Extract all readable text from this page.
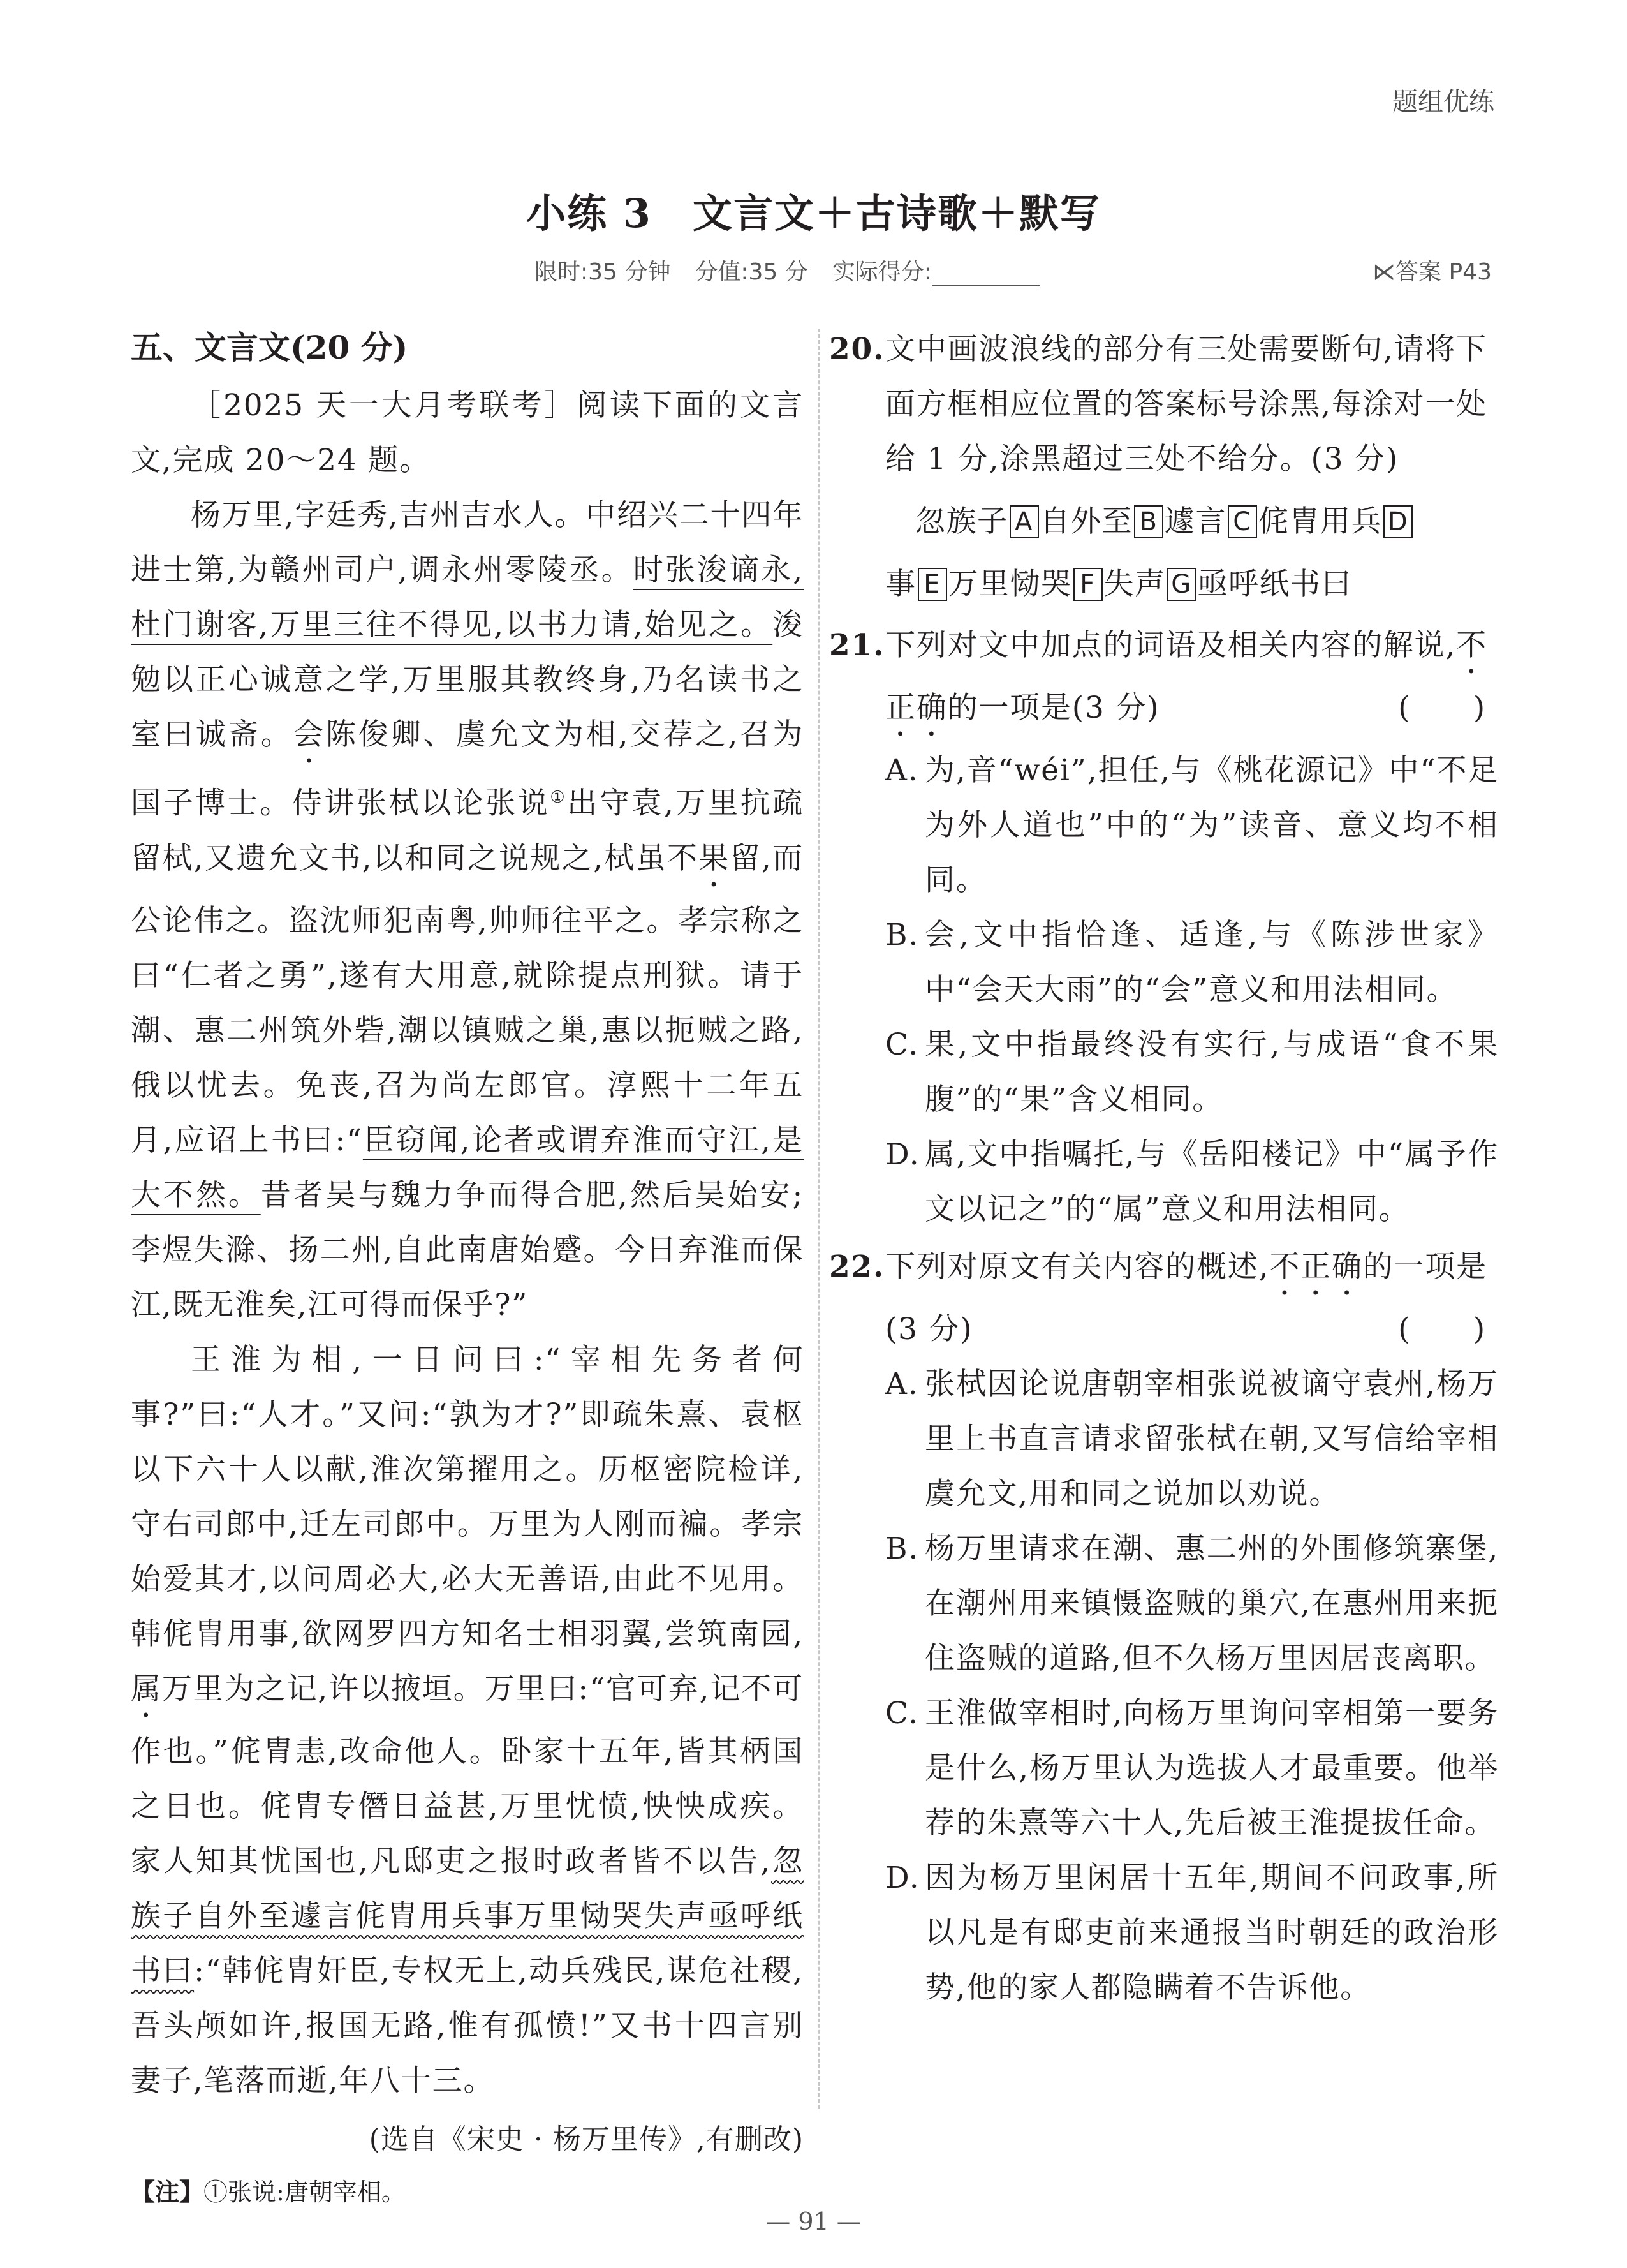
题组优练
小练 3　文言文＋古诗歌＋默写
限时:35 分钟 分值:35 分 实际得分:	⋉答案 P43
五、文言文(20 分)

［2025 天一大月考联考］阅读下面的文言文,完成 20～24 题。

杨万里,字廷秀,吉州吉水人。中绍兴二十四年进士第,为赣州司户,调永州零陵丞。时张浚谪永,杜门谢客,万里三往不得见,以书力请,始见之。浚勉以正心诚意之学,万里服其教终身,乃名读书之室曰诚斋。会陈俊卿、虞允文为相,交荐之,召为国子博士。侍讲张栻以论张说①出守袁,万里抗疏留栻,又遗允文书,以和同之说规之,栻虽不果留,而公论伟之。盗沈师犯南粤,帅师往平之。孝宗称之曰“仁者之勇”,遂有大用意,就除提点刑狱。请于潮、惠二州筑外砦,潮以镇贼之巢,惠以扼贼之路,俄以忧去。免丧,召为尚左郎官。淳熙十二年五月,应诏上书曰:“臣窃闻,论者或谓弃淮而守江,是大不然。昔者吴与魏力争而得合肥,然后吴始安;李煜失滁、扬二州,自此南唐始蹙。今日弃淮而保江,既无淮矣,江可得而保乎?”

王淮为相,一日问曰:“宰相先务者何事?”曰:“人才。”又问:“孰为才?”即疏朱熹、袁枢以下六十人以献,淮次第擢用之。历枢密院检详,守右司郎中,迁左司郎中。万里为人刚而褊。孝宗始爱其才,以问周必大,必大无善语,由此不见用。韩侂胄用事,欲网罗四方知名士相羽翼,尝筑南园,属万里为之记,许以掖垣。万里曰:“官可弃,记不可作也。”侂胄恚,改命他人。卧家十五年,皆其柄国之日也。侂胄专僭日益甚,万里忧愤,怏怏成疾。家人知其忧国也,凡邸吏之报时政者皆不以告,忽族子自外至遽言侂胄用兵事万里恸哭失声亟呼纸书曰:“韩侂胄奸臣,专权无上,动兵残民,谋危社稷,吾头颅如许,报国无路,惟有孤愤!”又书十四言别妻子,笔落而逝,年八十三。

(选自《宋史 · 杨万里传》,有删改)
【注】①张说:唐朝宰相。
20. 文中画波浪线的部分有三处需要断句,请将下面方框相应位置的答案标号涂黑,每涂对一处给 1 分,涂黑超过三处不给分。(3 分)
忽族子 A 自外至 B 遽言 C 侂胄用兵 D
事 E 万里恸哭 F 失声 G 亟呼纸书曰
21. 下列对文中加点的词语及相关内容的解说,不正确的一项是(3 分)	(　　)
A. 为,音“wéi”,担任,与《桃花源记》中“不足为外人道也”中的“为”读音、意义均不相同。
B. 会,文中指恰逢、适逢,与《陈涉世家》中“会天大雨”的“会”意义和用法相同。
C. 果,文中指最终没有实行,与成语“食不果腹”的“果”含义相同。
D. 属,文中指嘱托,与《岳阳楼记》中“属予作文以记之”的“属”意义和用法相同。
22. 下列对原文有关内容的概述,不正确的一项是(3 分)	(　　)
A. 张栻因论说唐朝宰相张说被谪守袁州,杨万里上书直言请求留张栻在朝,又写信给宰相虞允文,用和同之说加以劝说。
B. 杨万里请求在潮、惠二州的外围修筑寨堡,在潮州用来镇慑盗贼的巢穴,在惠州用来扼住盗贼的道路,但不久杨万里因居丧离职。
C. 王淮做宰相时,向杨万里询问宰相第一要务是什么,杨万里认为选拔人才最重要。他举荐的朱熹等六十人,先后被王淮提拔任命。
D. 因为杨万里闲居十五年,期间不问政事,所以凡是有邸吏前来通报当时朝廷的政治形势,他的家人都隐瞒着不告诉他。
— 91 —
